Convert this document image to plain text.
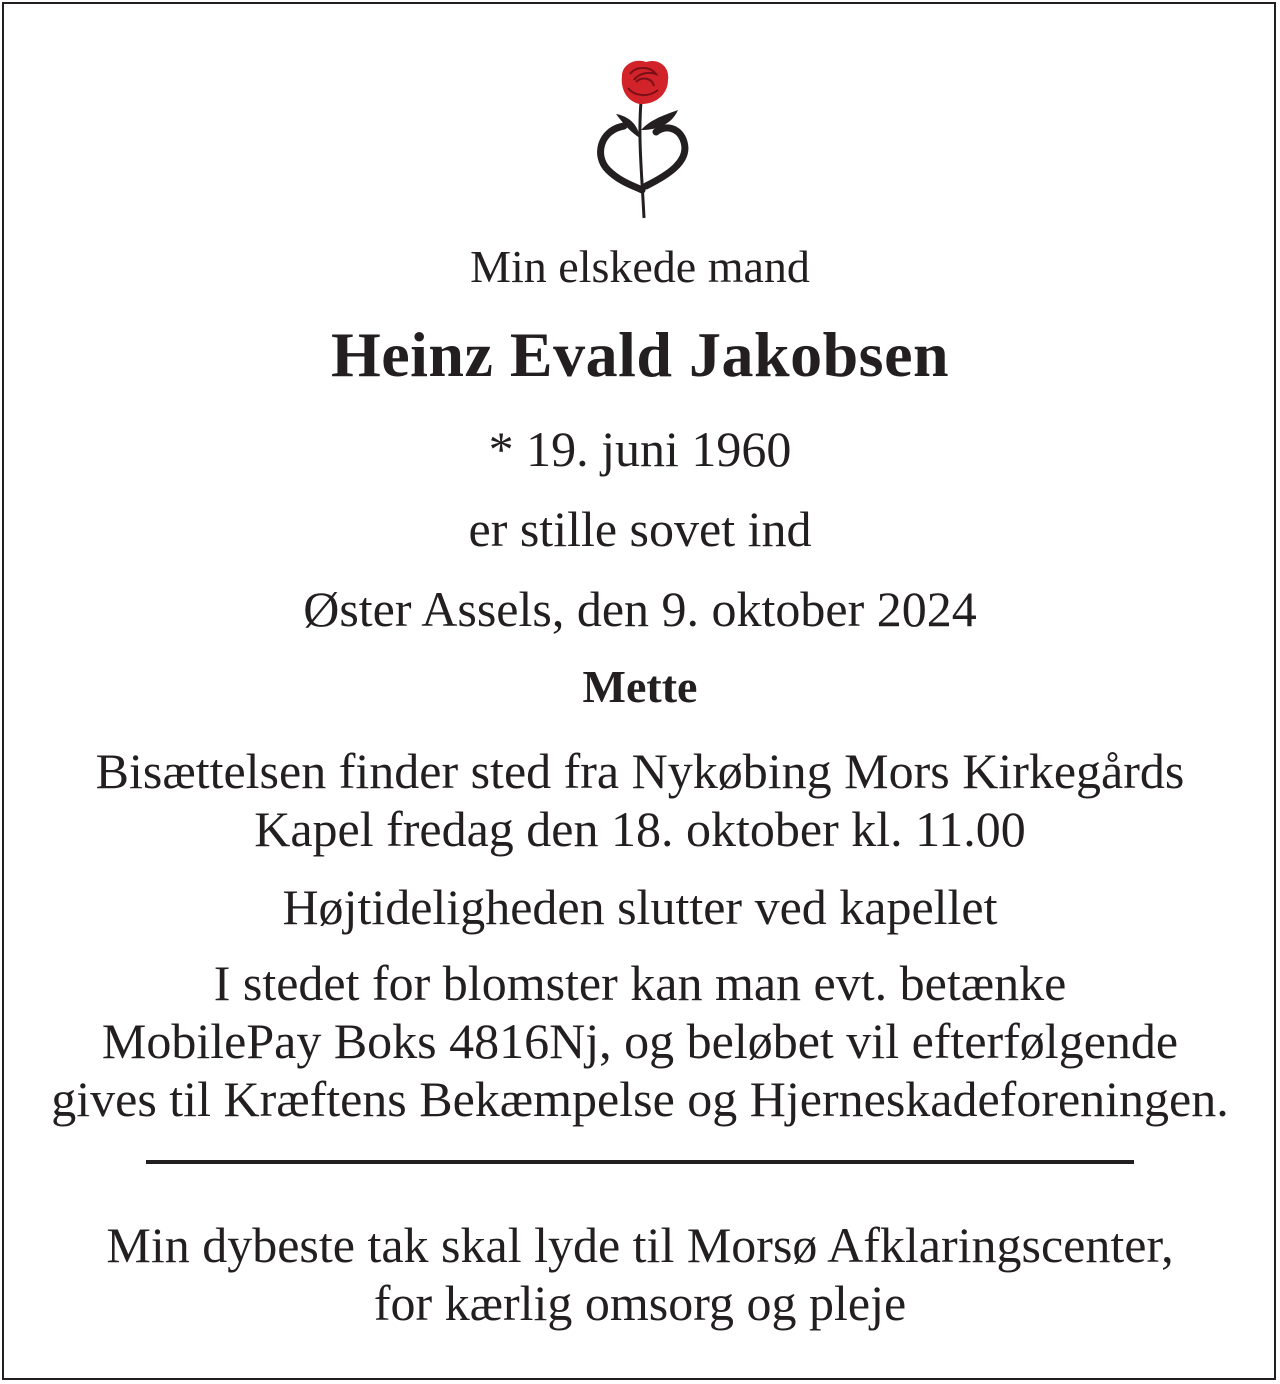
Min elskede mand
Heinz Evald Jakobsen
* 19. juni 1960
er stille sovet ind
Øster Assels, den 9. oktober 2024
Mette
Bisættelsen finder sted fra Nykøbing Mors Kirkegårds
Kapel fredag den 18. oktober kl. 11.00
Højtideligheden slutter ved kapellet
I stedet for blomster kan man evt. betænke
MobilePay Boks 4816Nj, og beløbet vil efterfølgende
gives til Kræftens Bekæmpelse og Hjerneskadeforeningen.
Min dybeste tak skal lyde til Morsø Afklaringscenter,
for kærlig omsorg og pleje
